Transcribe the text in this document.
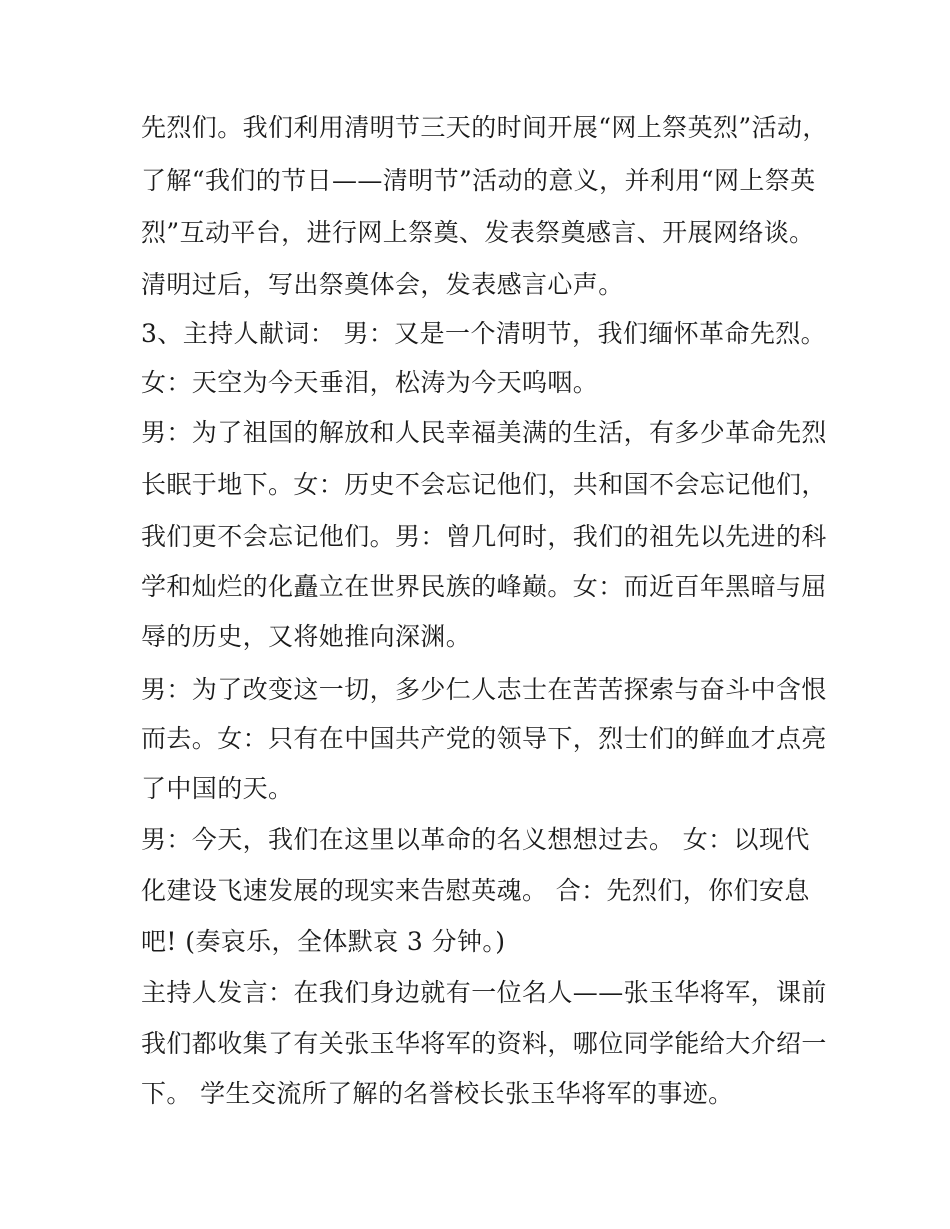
先烈们。我们利用清明节三天的时间开展“网上祭英烈”活动，
了解“我们的节日——清明节”活动的意义，并利用“网上祭英
烈”互动平台，进行网上祭奠、发表祭奠感言、开展网络谈。
清明过后，写出祭奠体会，发表感言心声。
3、主持人献词： 男：又是一个清明节，我们缅怀革命先烈。
女：天空为今天垂泪，松涛为今天呜咽。
男：为了祖国的解放和人民幸福美满的生活，有多少革命先烈
长眠于地下。女：历史不会忘记他们，共和国不会忘记他们，
我们更不会忘记他们。男：曾几何时，我们的祖先以先进的科
学和灿烂的化矗立在世界民族的峰巅。女：而近百年黑暗与屈
辱的历史，又将她推向深渊。
男：为了改变这一切，多少仁人志士在苦苦探索与奋斗中含恨
而去。女：只有在中国共产党的领导下，烈士们的鲜血才点亮
了中国的天。
男：今天，我们在这里以革命的名义想想过去。 女：以现代
化建设飞速发展的现实来告慰英魂。 合：先烈们，你们安息
吧! (奏哀乐，全体默哀 3 分钟。)
主持人发言：在我们身边就有一位名人——张玉华将军，课前
我们都收集了有关张玉华将军的资料，哪位同学能给大介绍一
下。 学生交流所了解的名誉校长张玉华将军的事迹。
